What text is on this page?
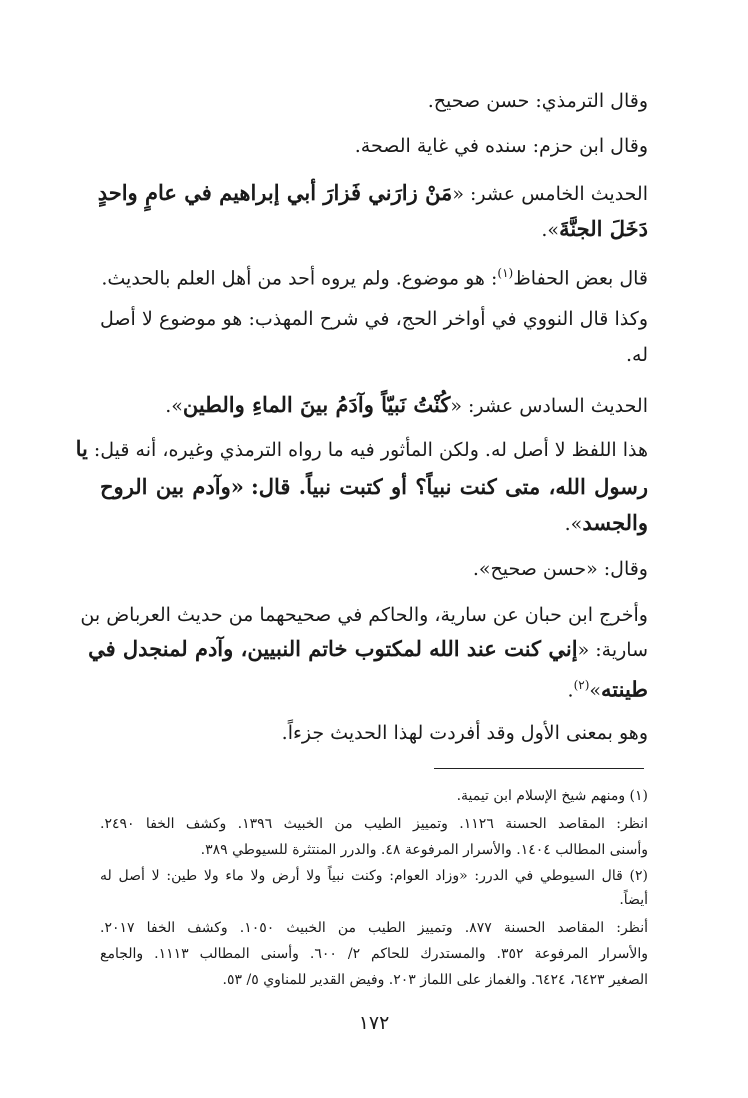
وقال الترمذي: حسن صحيح.
وقال ابن حزم: سنده في غاية الصحة.
الحديث الخامس عشر: «مَنْ زارَني فَزارَ أبي إبراهيم في عامٍ واحدٍ
دَخَلَ الجنَّةَ».
قال بعض الحفاظ$^{(١)}$: هو موضوع. ولم يروه أحد من أهل العلم بالحديث.
وكذا قال النووي في أواخر الحج، في شرح المهذب: هو موضوع لا أصل
له.
الحديث السادس عشر: «كُنْتُ نَبيّاً وآدَمُ بينَ الماءِ والطين».
هذا اللفظ لا أصل له. ولكن المأثور فيه ما رواه الترمذي وغيره، أنه قيل: يا
رسول الله، متى كنت نبياً؟ أو كتبت نبياً. قال: «وآدم بين الروح
والجسد».
وقال: «حسن صحيح».
وأخرج ابن حبان عن سارية، والحاكم في صحيحهما من حديث العرباض بن
سارية: «إني كنت عند الله لمكتوب خاتم النبيين، وآدم لمنجدل في
طينته»$^{(٢)}$.
وهو بمعنى الأول وقد أفردت لهذا الحديث جزءاً.
(١) ومنهم شيخ الإسلام ابن تيمية.
انظر: المقاصد الحسنة ١١٢٦. وتمييز الطيب من الخبيث ١٣٩٦. وكشف الخفا ٢٤٩٠.
وأسنى المطالب ١٤٠٤. والأسرار المرفوعة ٤٨. والدرر المنتثرة للسيوطي ٣٨٩.
(٢) قال السيوطي في الدرر: «وزاد العوام: وكنت نبياً ولا أرض ولا ماء ولا طين: لا أصل له
أيضاً.
أنظر: المقاصد الحسنة ٨٧٧. وتمييز الطيب من الخبيث ١٠٥٠. وكشف الخفا ٢٠١٧.
والأسرار المرفوعة ٣٥٢. والمستدرك للحاكم ٢/ ٦٠٠. وأسنى المطالب ١١١٣. والجامع
الصغير ٦٤٢٣، ٦٤٢٤. والغماز على اللماز ٢٠٣. وفيض القدير للمناوي ٥/ ٥٣.
١٧٢
